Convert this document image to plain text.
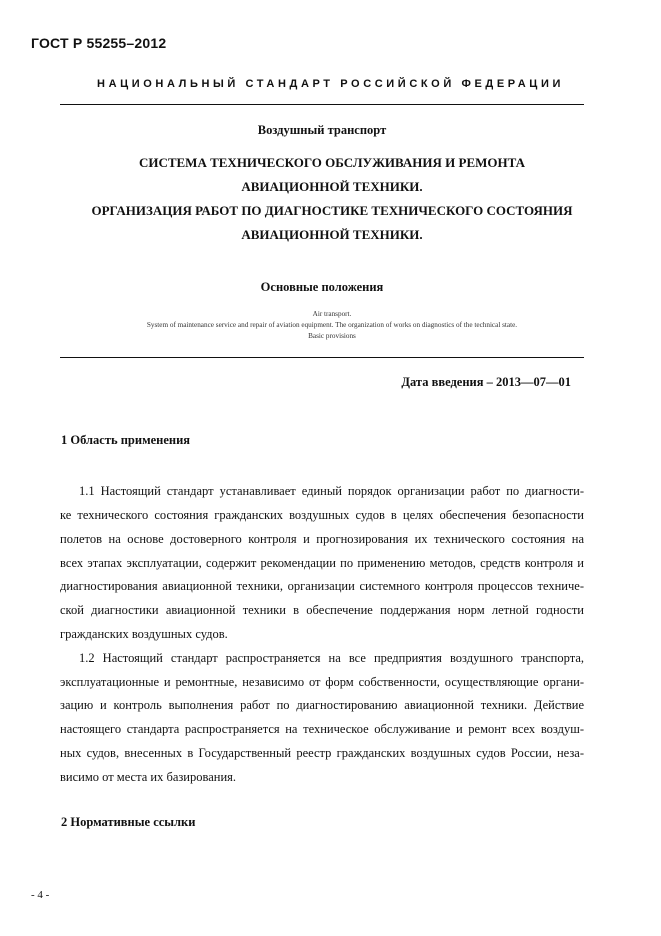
ГОСТ Р 55255–2012
НАЦИОНАЛЬНЫЙ СТАНДАРТ РОССИЙСКОЙ ФЕДЕРАЦИИ
Воздушный транспорт
СИСТЕМА ТЕХНИЧЕСКОГО ОБСЛУЖИВАНИЯ И РЕМОНТА
АВИАЦИОННОЙ ТЕХНИКИ.
ОРГАНИЗАЦИЯ РАБОТ ПО ДИАГНОСТИКЕ ТЕХНИЧЕСКОГО СОСТОЯНИЯ
АВИАЦИОННОЙ ТЕХНИКИ.
Основные положения
Air transport.
System of maintenance service and repair of aviation equipment. The organization of works on diagnostics of the technical state.
Basic provisions
Дата введения – 2013—07—01
1 Область применения
1.1 Настоящий стандарт устанавливает единый порядок организации работ по диагности-
ке технического состояния гражданских воздушных судов в целях обеспечения безопасности
полетов на основе достоверного контроля и прогнозирования их технического состояния на
всех этапах эксплуатации, содержит рекомендации по применению методов, средств контроля и
диагностирования авиационной техники, организации системного контроля процессов техниче-
ской диагностики авиационной техники в обеспечение поддержания норм летной годности
гражданских воздушных судов.
1.2 Настоящий стандарт распространяется на все предприятия воздушного транспорта,
эксплуатационные и ремонтные, независимо от форм собственности, осуществляющие органи-
зацию и контроль выполнения работ по диагностированию авиационной техники. Действие
настоящего стандарта распространяется на техническое обслуживание и ремонт всех воздуш-
ных судов, внесенных в Государственный реестр гражданских воздушных судов России, неза-
висимо от места их базирования.
2 Нормативные ссылки
- 4 -
